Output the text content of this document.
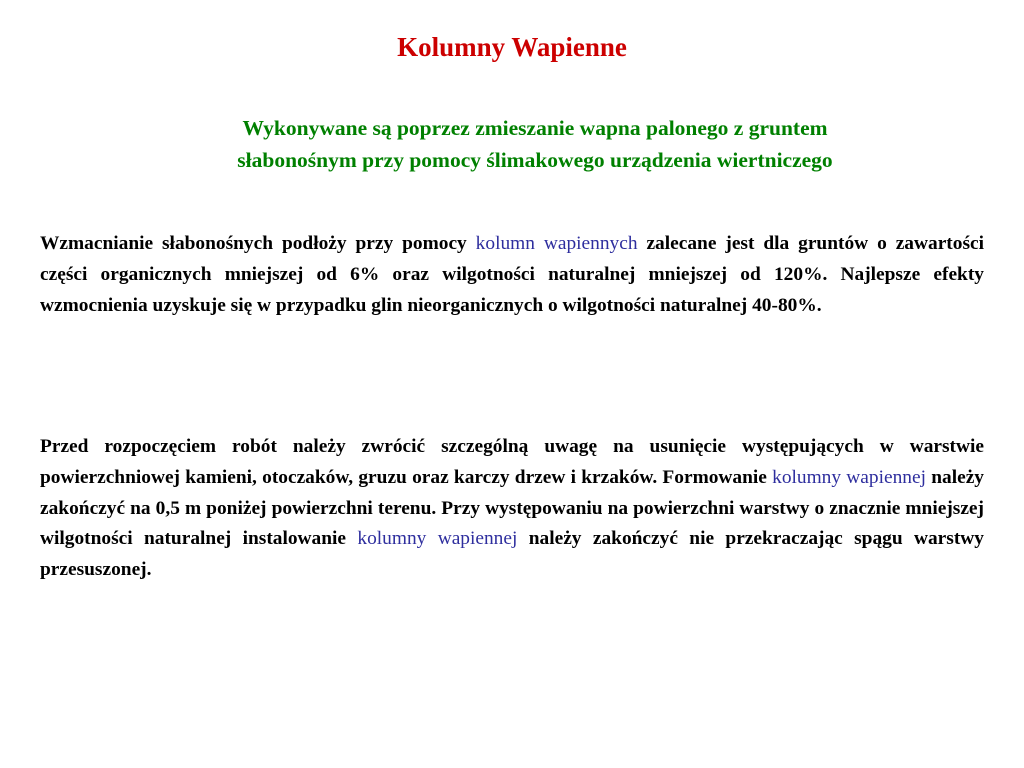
Kolumny Wapienne

Wykonywane są poprzez zmieszanie wapna palonego z gruntem
słabonośnym przy pomocy ślimakowego urządzenia wiertniczego

Wzmacnianie słabonośnych podłoży przy pomocy kolumn wapiennych zalecane jest dla gruntów o zawartości części organicznych mniejszej od 6% oraz wilgotności naturalnej mniejszej od 120%. Najlepsze efekty wzmocnienia uzyskuje się w przypadku glin nieorganicznych o wilgotności naturalnej 40-80%.

Przed rozpoczęciem robót należy zwrócić szczególną uwagę na usunięcie występujących w warstwie powierzchniowej kamieni, otoczaków, gruzu oraz karczy drzew i krzaków. Formowanie kolumny wapiennej należy zakończyć na 0,5 m poniżej powierzchni terenu. Przy występowaniu na powierzchni warstwy o znacznie mniejszej wilgotności naturalnej instalowanie kolumny wapiennej należy zakończyć nie przekraczając spągu warstwy przesuszonej.
